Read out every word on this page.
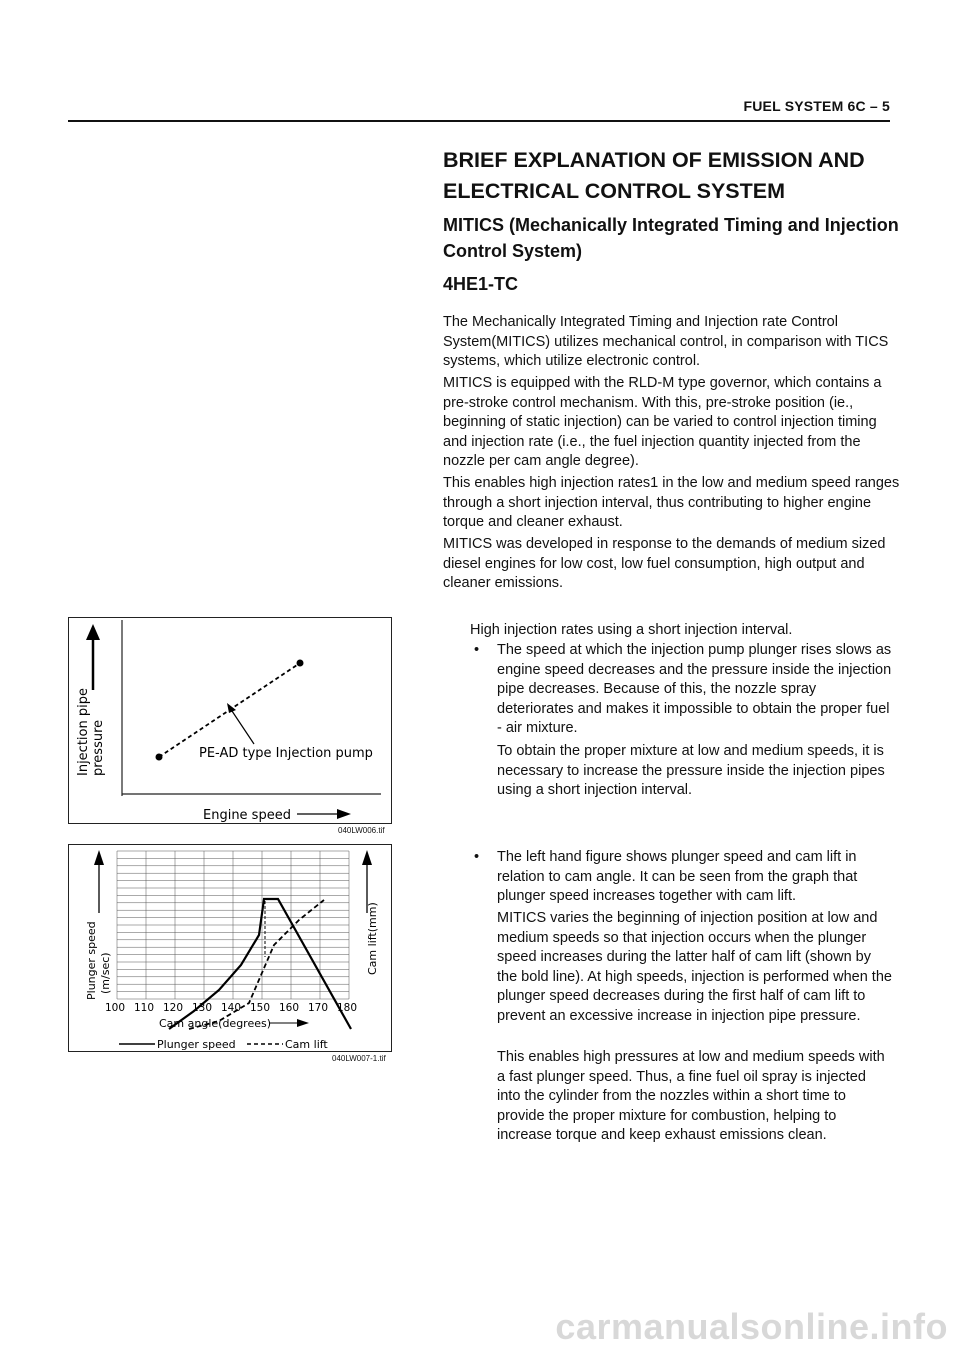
FUEL SYSTEM 6C – 5
BRIEF EXPLANATION OF EMISSION AND ELECTRICAL CONTROL SYSTEM
MITICS (Mechanically Integrated Timing and Injection Control System)
4HE1-TC
The Mechanically Integrated Timing and Injection rate Control System(MITICS) utilizes mechanical control, in comparison with TICS systems, which utilize electronic control.
MITICS is equipped with the RLD-M type governor, which contains a pre-stroke control mechanism. With this, pre-stroke position (ie., beginning of static injection) can be varied to control injection timing and injection rate (i.e., the fuel injection quantity injected from the nozzle per cam angle degree).
This enables high injection rates1 in the low and medium speed ranges through a short injection interval, thus contributing to higher engine torque and cleaner exhaust.
MITICS was developed in response to the demands of medium sized diesel engines for low cost, low fuel consumption, high output and cleaner emissions.
High injection rates using a short injection interval.
• The speed at which the injection pump plunger rises slows as engine speed decreases and the pressure inside the injection pipe decreases. Because of this, the nozzle spray deteriorates and makes it impossible to obtain the proper fuel - air mixture.
To obtain the proper mixture at low and medium speeds, it is necessary to increase the pressure inside the injection pipes using a short injection interval.
• The left hand figure shows plunger speed and cam lift in relation to cam angle. It can be seen from the graph that plunger speed increases together with cam lift.
MITICS varies the beginning of injection position at low and medium speeds so that injection occurs when the plunger speed increases during the latter half of cam lift (shown by the bold line). At high speeds, injection is performed when the plunger speed decreases during the first half of cam lift to prevent an excessive increase in injection pipe pressure.
This enables high pressures at low and medium speeds with a fast plunger speed. Thus, a fine fuel oil spray is injected into the cylinder from the nozzles within a short time to provide the proper mixture for combustion, helping to increase torque and keep exhaust emissions clean.
Injection pipe pressure
Engine speed
PE-AD type Injection pump
040LW006.tif
Plunger speed (m/sec)	Cam lift(mm)
100 110 120 130 140 150 160 170 180
Cam angle(degrees)
Plunger speed	Cam lift
040LW007-1.tif
carmanualsonline.info
